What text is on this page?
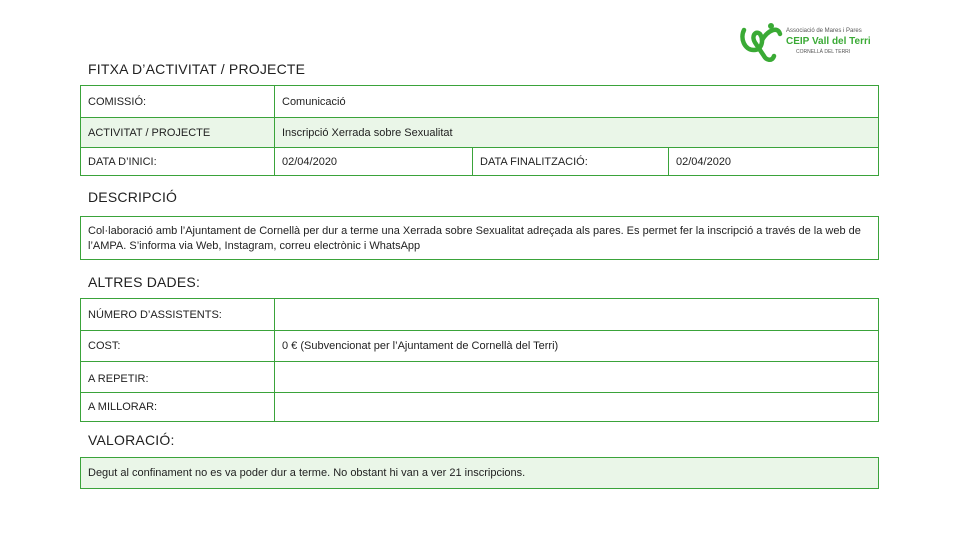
Associació de Mares i Pares
CEIP Vall del Terri
CORNELLÀ DEL TERRI
FITXA D’ACTIVITAT / PROJECTE
COMISSIÓ:	Comunicació
ACTIVITAT / PROJECTE	Inscripció Xerrada sobre Sexualitat
DATA D’INICI:	02/04/2020	DATA FINALITZACIÓ:	02/04/2020
DESCRIPCIÓ
Col·laboració amb l’Ajuntament de Cornellà per dur a terme una Xerrada sobre Sexualitat adreçada als pares. Es permet fer la inscripció a través de la web de
l’AMPA. S’informa via Web, Instagram, correu electrònic i WhatsApp
ALTRES DADES:
NÚMERO D’ASSISTENTS:
COST:	0 € (Subvencionat per l’Ajuntament de Cornellà del Terri)
A REPETIR:
A MILLORAR:
VALORACIÓ:
Degut al confinament no es va poder dur a terme. No obstant hi van a ver 21 inscripcions.
